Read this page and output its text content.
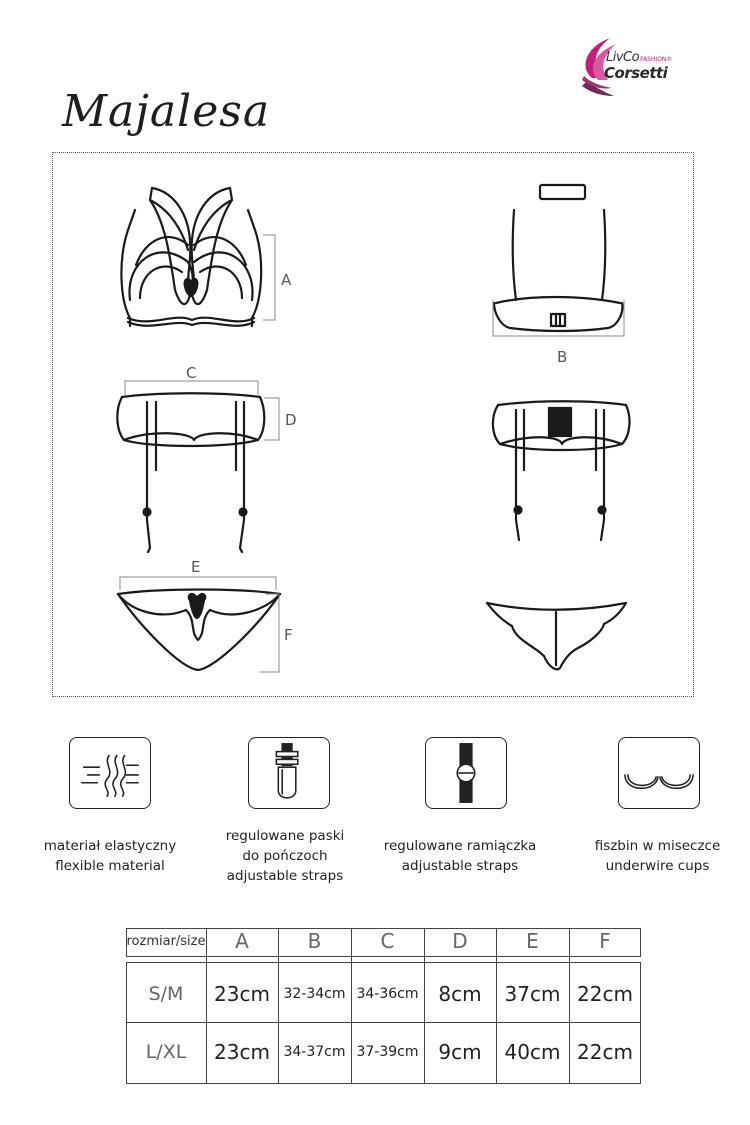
LivCoFASHION®
Corsetti
Majalesa
A
B
C
D
E
F
materiał elastyczny
flexible material
regulowane paski
do pończoch
adjustable straps
regulowane ramiączka
adjustable straps
fiszbin w miseczce
underwire cups
rozmiar/size	A	B	C	D	E	F
S/M	23cm 32-34cm 34-36cm 8cm	37cm 22cm
L/XL	23cm 34-37cm 37-39cm 9cm	40cm 22cm
